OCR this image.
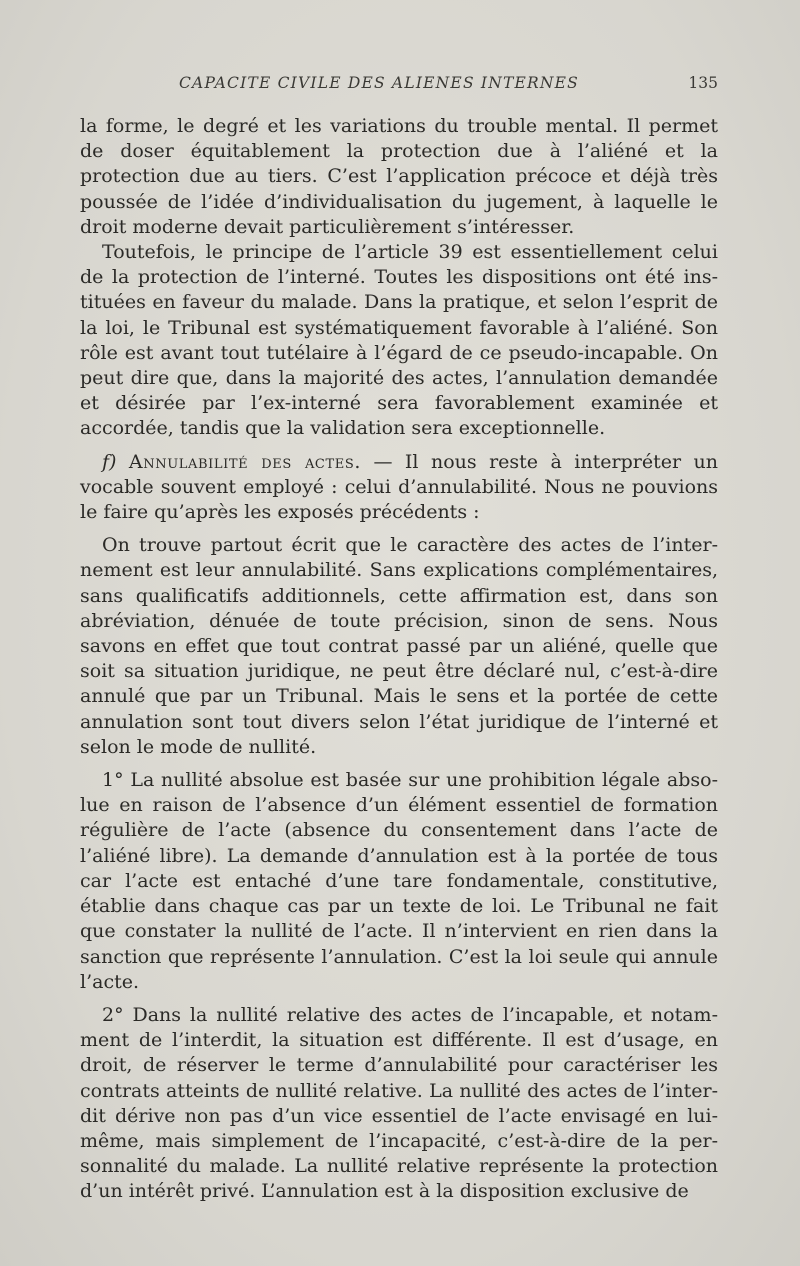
CAPACITE CIVILE DES ALIENES INTERNES	135

la forme, le degré et les variations du trouble mental. Il permet de doser équitablement la protection due à l’aliéné et la protection due au tiers. C’est l’application précoce et déjà très poussée de l’idée d’individualisation du jugement, à laquelle le droit moderne devait particulièrement s’intéresser.

Toutefois, le principe de l’article 39 est essentiellement celui de la protection de l’interné. Toutes les dispositions ont été instituées en faveur du malade. Dans la pratique, et selon l’esprit de la loi, le Tribunal est systématiquement favorable à l’aliéné. Son rôle est avant tout tutélaire à l’égard de ce pseudo-incapable. On peut dire que, dans la majorité des actes, l’annulation demandée et désirée par l’ex-interné sera favorablement examinée et accordée, tandis que la validation sera exceptionnelle.

f) Annulabilité des actes. — Il nous reste à interpréter un vocable souvent employé : celui d’annulabilité. Nous ne pouvions le faire qu’après les exposés précédents :

On trouve partout écrit que le caractère des actes de l’internement est leur annulabilité. Sans explications complémentaires, sans qualificatifs additionnels, cette affirmation est, dans son abréviation, dénuée de toute précision, sinon de sens. Nous savons en effet que tout contrat passé par un aliéné, quelle que soit sa situation juridique, ne peut être déclaré nul, c’est-à-dire annulé que par un Tribunal. Mais le sens et la portée de cette annulation sont tout divers selon l’état juridique de l’interné et selon le mode de nullité.

1° La nullité absolue est basée sur une prohibition légale absolue en raison de l’absence d’un élément essentiel de formation régulière de l’acte (absence du consentement dans l’acte de l’aliéné libre). La demande d’annulation est à la portée de tous car l’acte est entaché d’une tare fondamentale, constitutive, établie dans chaque cas par un texte de loi. Le Tribunal ne fait que constater la nullité de l’acte. Il n’intervient en rien dans la sanction que représente l’annulation. C’est la loi seule qui annule l’acte.

2° Dans la nullité relative des actes de l’incapable, et notamment de l’interdit, la situation est différente. Il est d’usage, en droit, de réserver le terme d’annulabilité pour caractériser les contrats atteints de nullité relative. La nullité des actes de l’interdit dérive non pas d’un vice essentiel de l’acte envisagé en lui-même, mais simplement de l’incapacité, c’est-à-dire de la personnalité du malade. La nullité relative représente la protection d’un intérêt privé. L’annulation est à la disposition exclusive de
